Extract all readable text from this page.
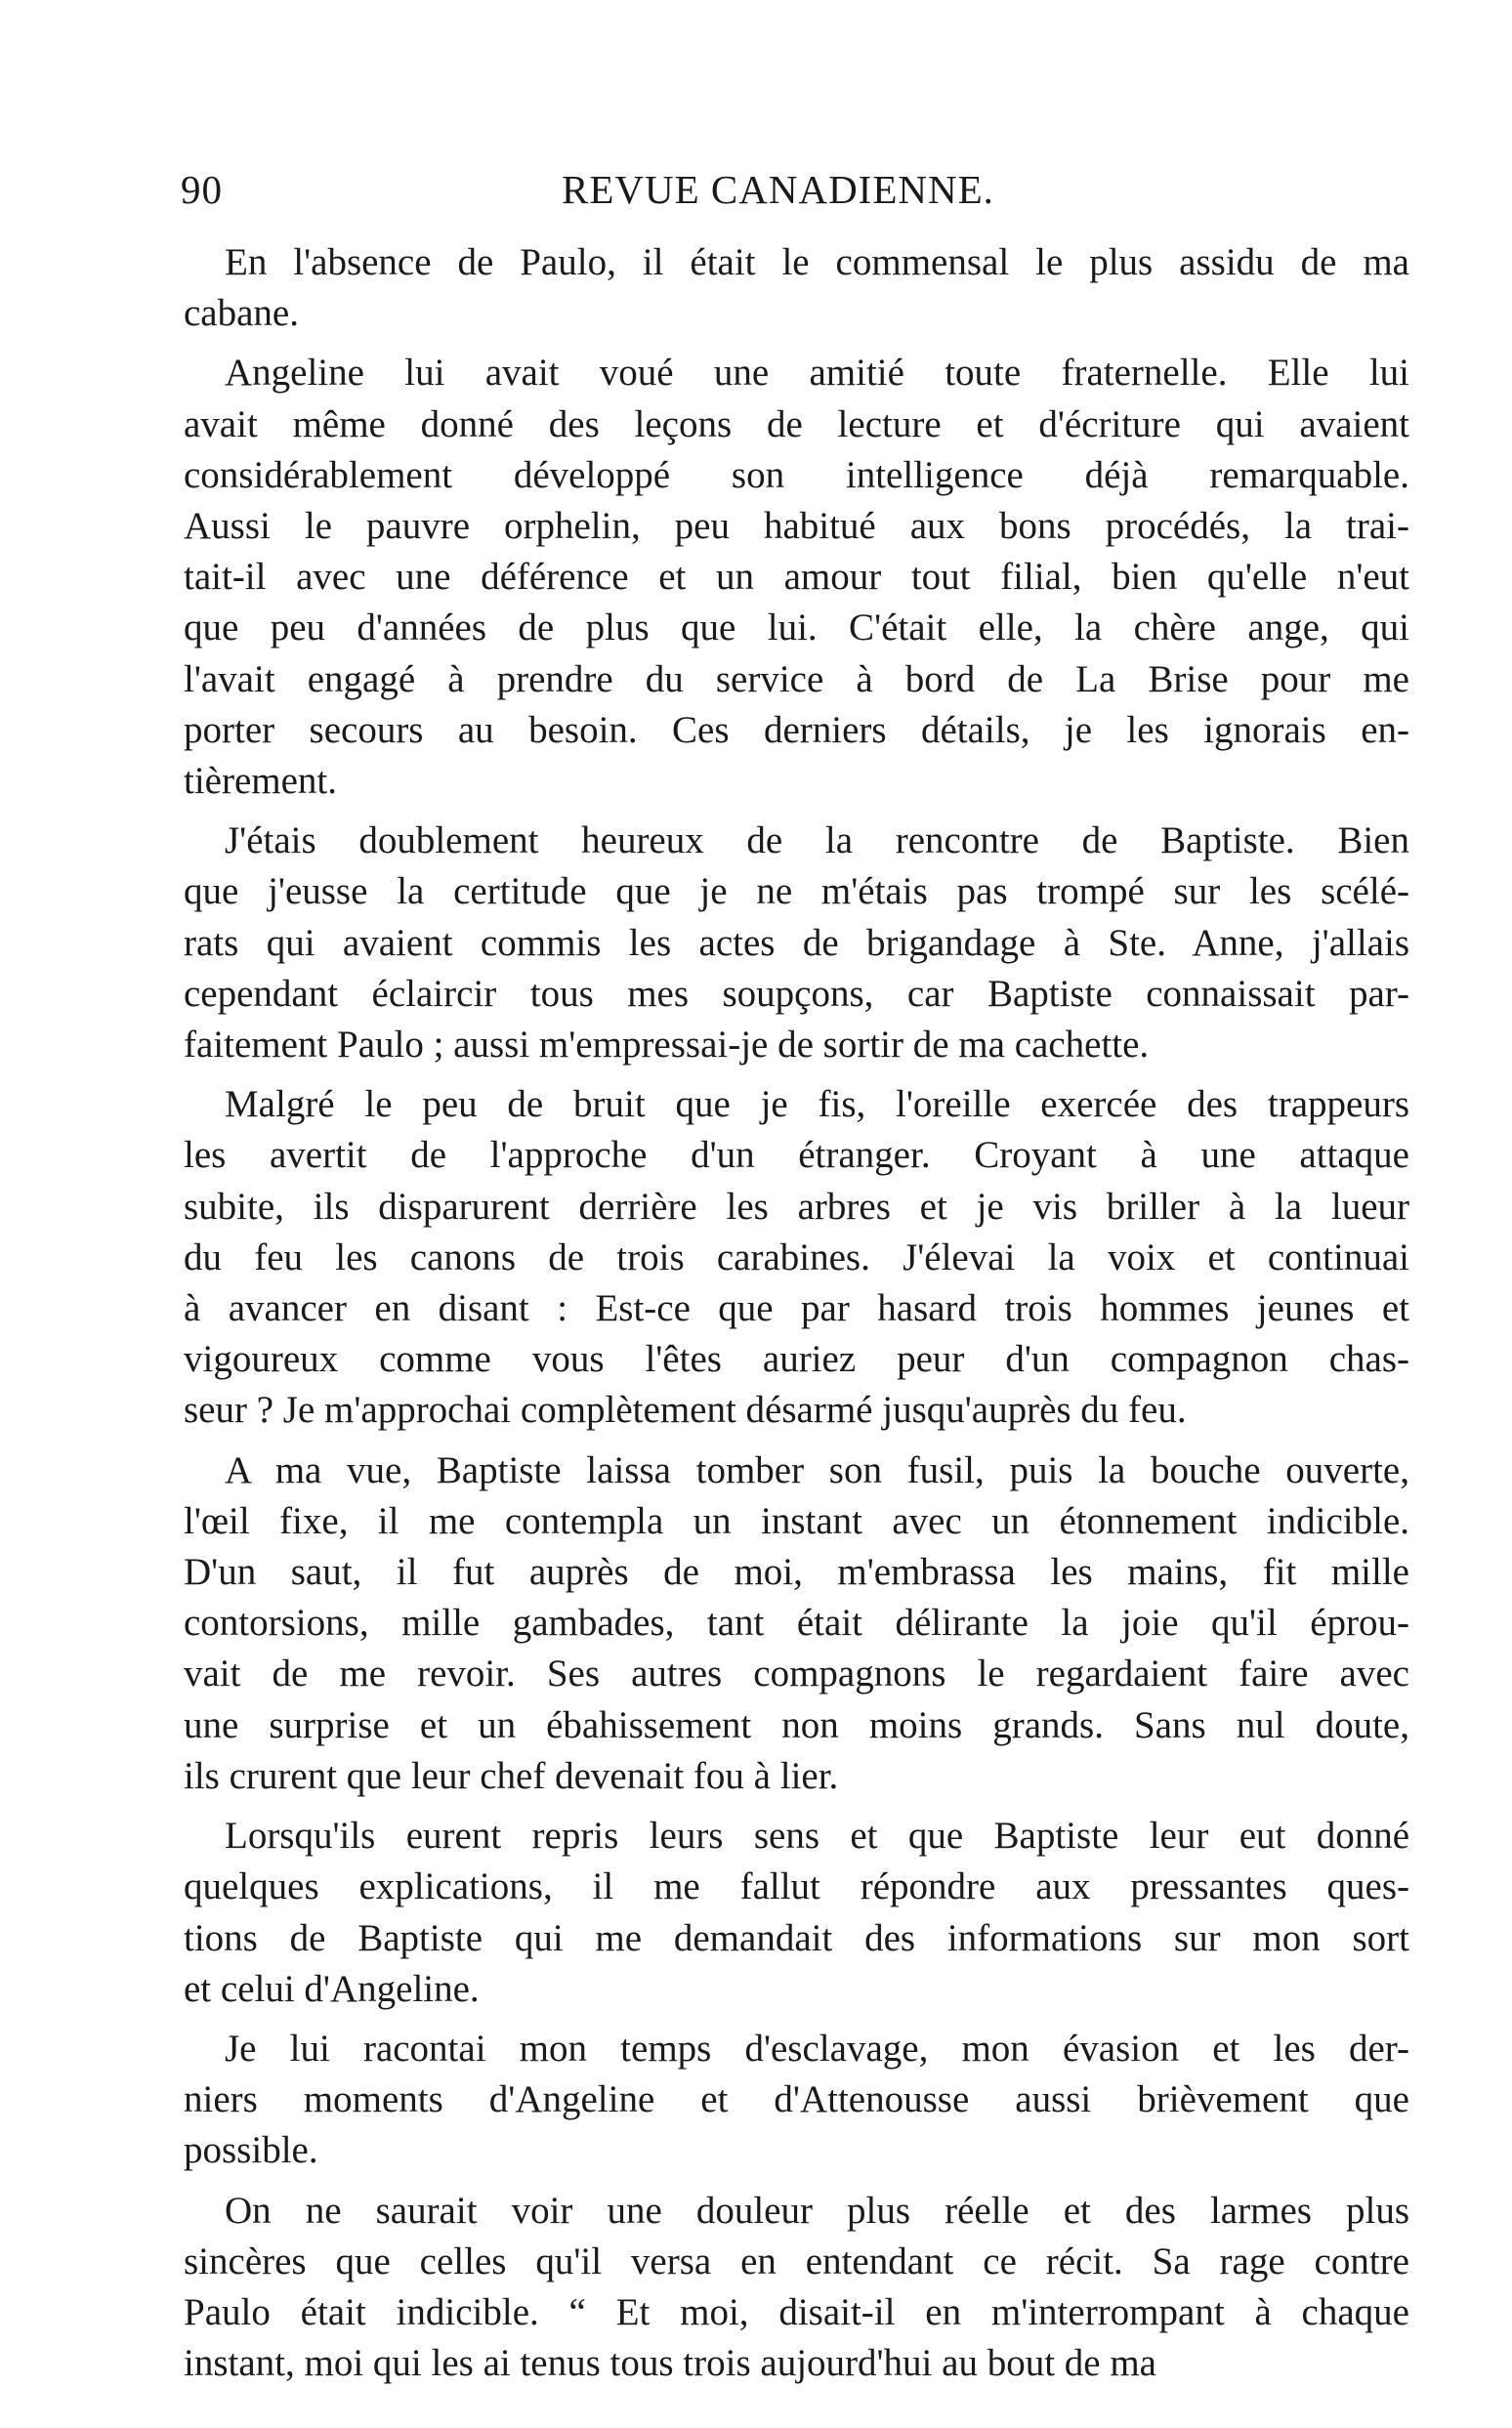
90	REVUE CANADIENNE.
En l'absence de Paulo, il était le commensal le plus assidu de ma
cabane.
Angeline lui avait voué une amitié toute fraternelle. Elle lui
avait même donné des leçons de lecture et d'écriture qui avaient
considérablement développé son intelligence déjà remarquable.
Aussi le pauvre orphelin, peu habitué aux bons procédés, la trai-
tait-il avec une déférence et un amour tout filial, bien qu'elle n'eut
que peu d'années de plus que lui. C'était elle, la chère ange, qui
l'avait engagé à prendre du service à bord de La Brise pour me
porter secours au besoin. Ces derniers détails, je les ignorais en-
tièrement.
J'étais doublement heureux de la rencontre de Baptiste. Bien
que j'eusse la certitude que je ne m'étais pas trompé sur les scélé-
rats qui avaient commis les actes de brigandage à Ste. Anne, j'allais
cependant éclaircir tous mes soupçons, car Baptiste connaissait par-
faitement Paulo ; aussi m'empressai-je de sortir de ma cachette.
Malgré le peu de bruit que je fis, l'oreille exercée des trappeurs
les avertit de l'approche d'un étranger. Croyant à une attaque
subite, ils disparurent derrière les arbres et je vis briller à la lueur
du feu les canons de trois carabines. J'élevai la voix et continuai
à avancer en disant : Est-ce que par hasard trois hommes jeunes et
vigoureux comme vous l'êtes auriez peur d'un compagnon chas-
seur ? Je m'approchai complètement désarmé jusqu'auprès du feu.
A ma vue, Baptiste laissa tomber son fusil, puis la bouche ouverte,
l'œil fixe, il me contempla un instant avec un étonnement indicible.
D'un saut, il fut auprès de moi, m'embrassa les mains, fit mille
contorsions, mille gambades, tant était délirante la joie qu'il éprou-
vait de me revoir. Ses autres compagnons le regardaient faire avec
une surprise et un ébahissement non moins grands. Sans nul doute,
ils crurent que leur chef devenait fou à lier.
Lorsqu'ils eurent repris leurs sens et que Baptiste leur eut donné
quelques explications, il me fallut répondre aux pressantes ques-
tions de Baptiste qui me demandait des informations sur mon sort
et celui d'Angeline.
Je lui racontai mon temps d'esclavage, mon évasion et les der-
niers moments d'Angeline et d'Attenousse aussi brièvement que
possible.
On ne saurait voir une douleur plus réelle et des larmes plus
sincères que celles qu'il versa en entendant ce récit. Sa rage contre
Paulo était indicible. “ Et moi, disait-il en m'interrompant à chaque
instant, moi qui les ai tenus tous trois aujourd'hui au bout de ma
